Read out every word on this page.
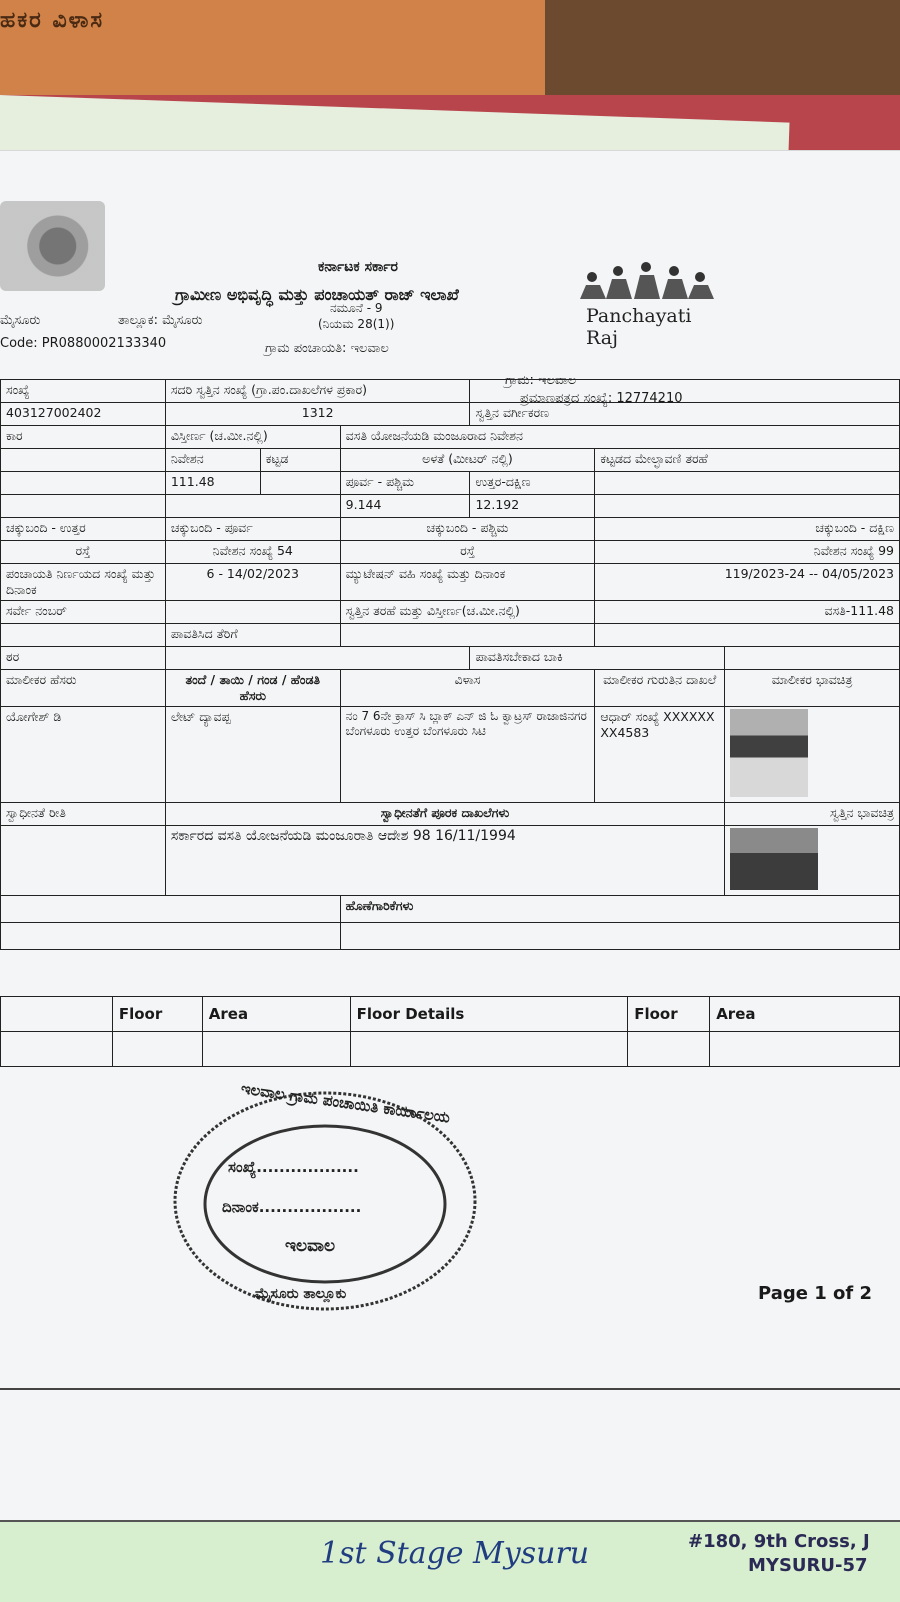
ಹಕರ ವಿಳಾಸ
ಕರ್ನಾಟಕ ಸರ್ಕಾರ
ಗ್ರಾಮೀಣ ಅಭಿವೃದ್ಧಿ ಮತ್ತು ಪಂಚಾಯತ್ ರಾಜ್ ಇಲಾಖೆ
ನಮೂನೆ - 9
(ನಿಯಮ 28(1))
ಮೈಸೂರು	ತಾಲ್ಲೂಕ: ಮೈಸೂರು
ಗ್ರಾಮ ಪಂಚಾಯತಿ: ಇಲವಾಲ
Code: PR0880002133340
ಗ್ರಾಮ: ಇಲವಾಲ
ಪ್ರಮಾಣಪತ್ರದ ಸಂಖ್ಯೆ: 12774210
Panchayati Raj
ಸಂಖ್ಯೆ	ಸದರಿ ಸ್ವತ್ತಿನ ಸಂಖ್ಯೆ (ಗ್ರಾ.ಪಂ.ದಾಖಲೆಗಳ ಪ್ರಕಾರ)					
403127002402	1312			ಸ್ವತ್ತಿನ ವರ್ಗೀಕರಣ		
ಕಾರ	ವಿಸ್ತೀರ್ಣ (ಚ.ಮೀ.ನಲ್ಲಿ)		ವಸತಿ ಯೋಜನೆಯಡಿ ಮಂಜೂರಾದ ನಿವೇಶನ			
	ನಿವೇಶನ	ಕಟ್ಟಡ	ಅಳತೆ (ಮೀಟರ್ ನಲ್ಲಿ)		ಕಟ್ಟಡದ ಮೇಲ್ಛಾವಣಿ ತರಹೆ	
	111.48		ಪೂರ್ವ - ಪಶ್ಚಿಮ	ಉತ್ತರ-ದಕ್ಷಿಣ		
			9.144	12.192		
ಚಕ್ಕುಬಂದಿ - ಉತ್ತರ	ಚಕ್ಕುಬಂದಿ - ಪೂರ್ವ		ಚಕ್ಕುಬಂದಿ - ಪಶ್ಚಿಮ		ಚಕ್ಕುಬಂದಿ - ದಕ್ಷಿಣ	
ರಸ್ತೆ	ನಿವೇಶನ ಸಂಖ್ಯೆ 54		ರಸ್ತೆ		ನಿವೇಶನ ಸಂಖ್ಯೆ 99	
ಪಂಚಾಯತಿ ನಿರ್ಣಯದ ಸಂಖ್ಯೆ ಮತ್ತು ದಿನಾಂಕ	6 - 14/02/2023		ಮ್ಯುಟೇಷನ್ ವಹಿ ಸಂಖ್ಯೆ ಮತ್ತು ದಿನಾಂಕ		119/2023-24 -- 04/05/2023	
ಸರ್ವೇ ನಂಬರ್			ಸ್ವತ್ತಿನ ತರಹೆ ಮತ್ತು ವಿಸ್ತೀರ್ಣ(ಚ.ಮೀ.ನಲ್ಲಿ)		ವಸತಿ-111.48	
	ಪಾವತಿಸಿದ ತೆರಿಗೆ					
ಠರ				ಪಾವತಿಸಬೇಕಾದ ಬಾಕಿ		
ಮಾಲೀಕರ ಹೆಸರು	ತಂದೆ / ತಾಯಿ / ಗಂಡ / ಹೆಂಡತಿ ಹೆಸರು		ವಿಳಾಸ		ಮಾಲೀಕರ ಗುರುತಿನ ದಾಖಲೆ	ಮಾಲೀಕರ ಭಾವಚಿತ್ರ
ಯೋಗೇಶ್ ಡಿ	ಲೇಟ್ ದ್ಯಾವಪ್ಪ		ನಂ 7 6ನೇ ಕ್ರಾಸ್ ಸಿ ಬ್ಲಾಕ್ ಎನ್ ಜಿ ಓ ಕ್ವಾಟ್ರಸ್ ರಾಜಾಜಿನಗರ ಬೆಂಗಳೂರು ಉತ್ತರ ಬೆಂಗಳೂರು ಸಿಟಿ		ಆಧಾರ್ ಸಂಖ್ಯೆ XXXXXXXX4583	
ಸ್ವಾಧೀನತೆ ರೀತಿ	ಸ್ವಾಧೀನತೆಗೆ ಪೂರಕ ದಾಖಲೆಗಳು					ಸ್ವತ್ತಿನ ಭಾವಚಿತ್ರ
	ಸರ್ಕಾರದ ವಸತಿ ಯೋಜನೆಯಡಿ ಮಂಜೂರಾತಿ ಆದೇಶ 98 16/11/1994					
			ಹೊಣೆಗಾರಿಕೆಗಳು			

	Floor	Area	Floor Details	Floor	Area

ಇಲವಾಲ ಗ್ರಾಮ ಪಂಚಾಯಿತಿ ಕಾರ್ಯಾಲಯ
ಸಂಖ್ಯೆ..................
ದಿನಾಂಕ..................
ಇಲವಾಲ
ಮೈಸೂರು ತಾಲ್ಲೂಕು	Page 1 of 2
1st Stage Mysuru	#180, 9th Cross, J
MYSURU-57
